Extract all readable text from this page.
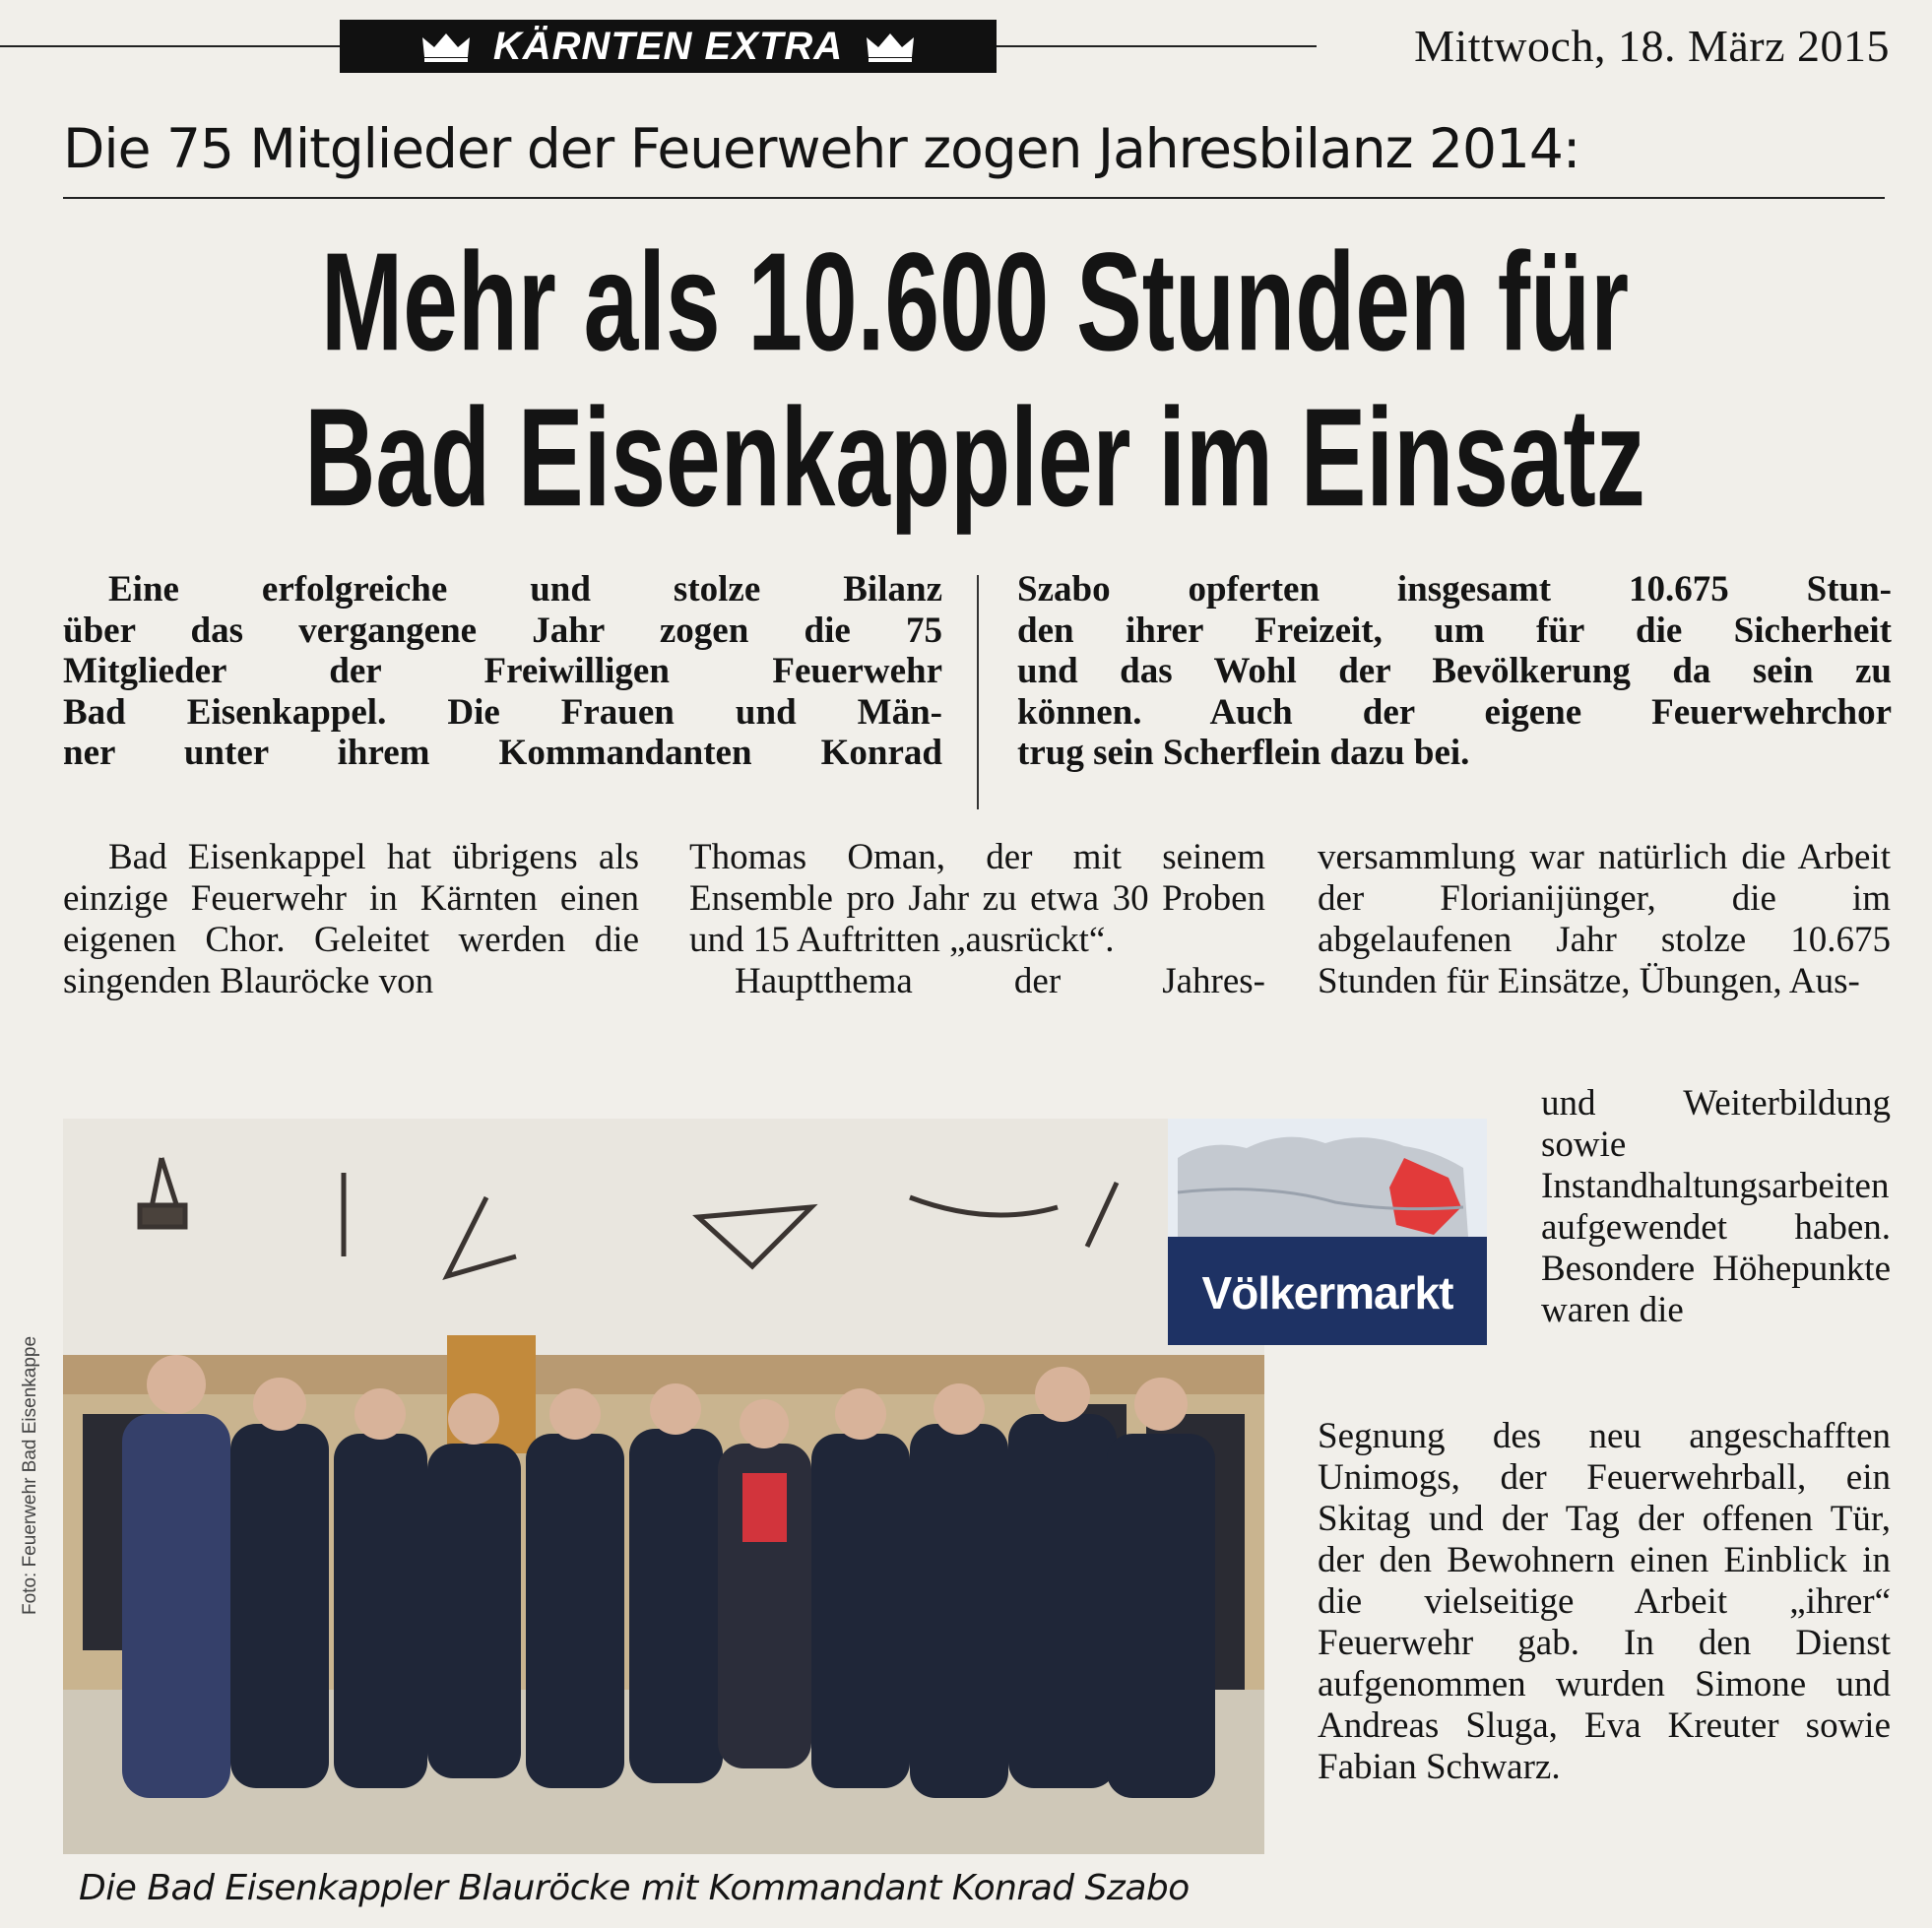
KÄRNTEN EXTRA	Mittwoch, 18. März 2015
Die 75 Mitglieder der Feuerwehr zogen Jahresbilanz 2014:
Mehr als 10.600 Stunden für
Bad Eisenkappler im Einsatz
Eine erfolgreiche und stolze Bilanz
über das vergangene Jahr zogen die 75
Mitglieder der Freiwilligen Feuerwehr
Bad Eisenkappel. Die Frauen und Män-
ner unter ihrem Kommandanten Konrad
Szabo opferten insgesamt 10.675 Stun-
den ihrer Freizeit, um für die Sicherheit
und das Wohl der Bevölkerung da sein zu
können. Auch der eigene Feuerwehrchor
trug sein Scherflein dazu bei.

Bad Eisenkappel hat übrigens als einzige Feuerwehr in Kärnten einen eigenen Chor. Geleitet werden die singenden Blauröcke von

Thomas Oman, der mit seinem Ensemble pro Jahr zu etwa 30 Proben und 15 Auftritten „ausrückt“.

Hauptthema der Jahres-

versammlung war natürlich die Arbeit der Florianijünger, die im abgelaufenen Jahr stolze 10.675 Stunden für Einsätze, Übungen, Aus-

und Weiterbildung sowie Instandhaltungsarbeiten aufgewendet haben. Besondere Höhepunkte waren die

Segnung des neu angeschafften Unimogs, der Feuerwehrball, ein Skitag und der Tag der offenen Tür, der den Bewohnern einen Einblick in die vielseitige Arbeit „ihrer“ Feuerwehr gab. In den Dienst aufgenommen wurden Simone und Andreas Sluga, Eva Kreuter sowie Fabian Schwarz.

Völkermarkt
Foto: Feuerwehr Bad Eisenkappe
Die Bad Eisenkappler Blauröcke mit Kommandant Konrad Szabo
